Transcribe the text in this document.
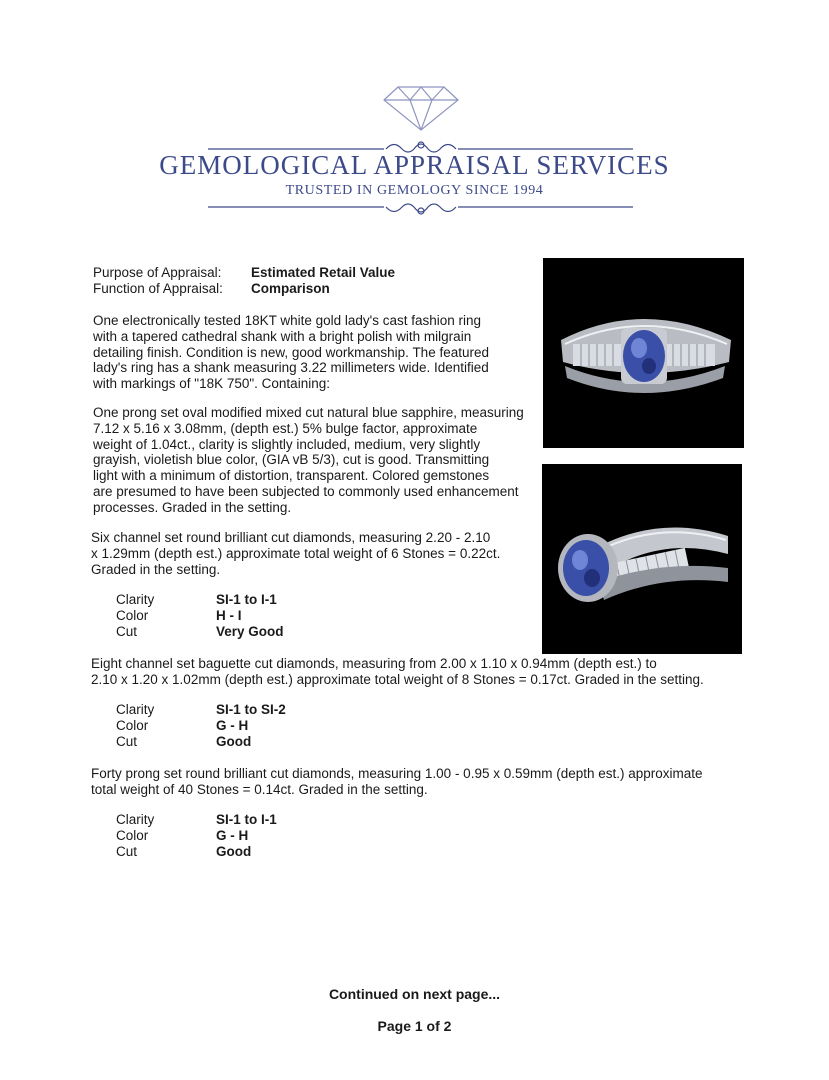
GEMOLOGICAL APPRAISAL SERVICES
TRUSTED IN GEMOLOGY SINCE 1994
Purpose of Appraisal: Estimated Retail Value
Function of Appraisal: Comparison
One electronically tested 18KT white gold lady's cast fashion ring
with a tapered cathedral shank with a bright polish with milgrain
detailing finish. Condition is new, good workmanship. The featured
lady's ring has a shank measuring 3.22 millimeters wide. Identified
with markings of "18K 750". Containing:
One prong set oval modified mixed cut natural blue sapphire, measuring
7.12 x 5.16 x 3.08mm, (depth est.) 5% bulge factor, approximate
weight of 1.04ct., clarity is slightly included, medium, very slightly
grayish, violetish blue color, (GIA vB 5/3), cut is good. Transmitting
light with a minimum of distortion, transparent. Colored gemstones
are presumed to have been subjected to commonly used enhancement
processes. Graded in the setting.
Six channel set round brilliant cut diamonds, measuring 2.20 - 2.10
x 1.29mm (depth est.) approximate total weight of 6 Stones = 0.22ct.
Graded in the setting.
Clarity	SI-1 to I-1
Color	H - I
Cut	Very Good
Eight channel set baguette cut diamonds, measuring from 2.00 x 1.10 x 0.94mm (depth est.) to
2.10 x 1.20 x 1.02mm (depth est.) approximate total weight of 8 Stones = 0.17ct. Graded in the setting.
Clarity	SI-1 to SI-2
Color	G - H
Cut	Good
Forty prong set round brilliant cut diamonds, measuring 1.00 - 0.95 x 0.59mm (depth est.) approximate
total weight of 40 Stones = 0.14ct. Graded in the setting.
Clarity	SI-1 to I-1
Color	G - H
Cut	Good
Continued on next page...
Page 1 of 2
